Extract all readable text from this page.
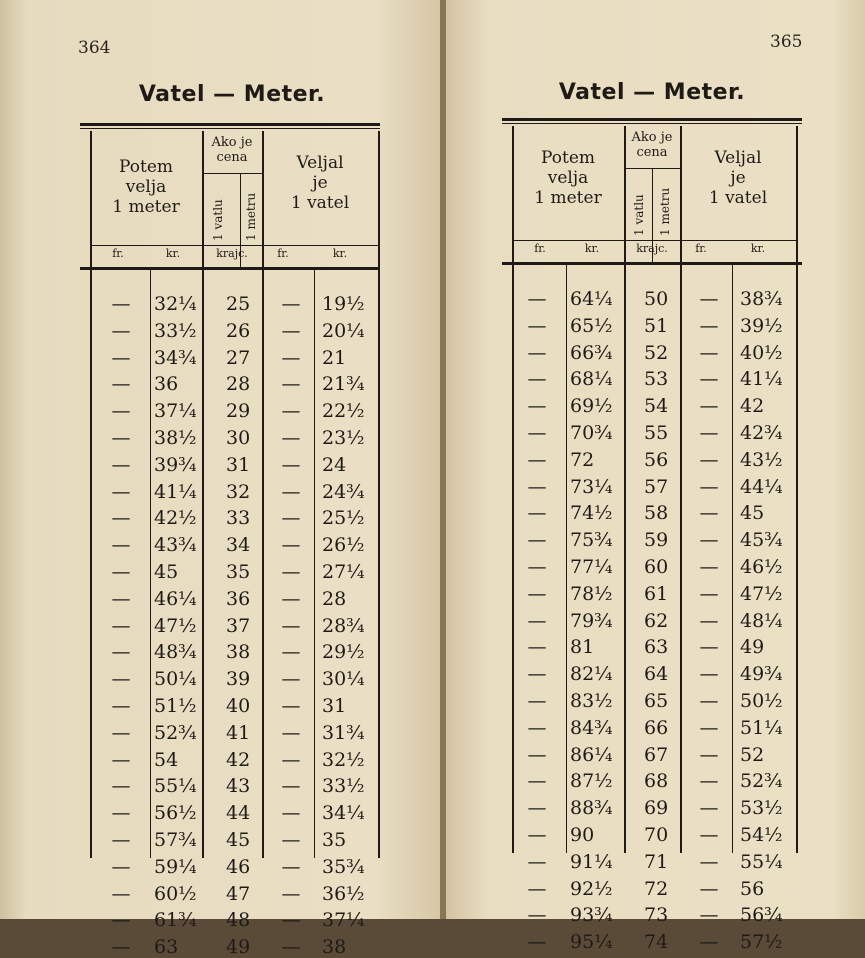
364
Vatel — Meter.
Potem
velja
1 meter
Ako je
cena
1 vatlu 1 metru
Veljal
je
1 vatel
fr.	kr.	krajc.	fr.	kr.
— 32¼ 25 — 19½
— 33½ 26 — 20¼
— 34¾ 27 — 21
— 36	28 — 21¾
— 37¼ 29 — 22½
— 38½ 30 — 23½
— 39¾ 31 — 24
— 41¼ 32 — 24¾
— 42½ 33 — 25½
— 43¾ 34 — 26½
— 45	35 — 27¼
— 46¼ 36 — 28
— 47½ 37 — 28¾
— 48¾ 38 — 29½
— 50¼ 39 — 30¼
— 51½ 40 — 31
— 52¾ 41 — 31¾
— 54	42 — 32½
— 55¼ 43 — 33½
— 56½ 44 — 34¼
— 57¾ 45 — 35
— 59¼ 46 — 35¾
— 60½ 47 — 36½
— 61¾ 48 — 37¼
— 63	49 — 38
365
Vatel — Meter.
Potem
velja
1 meter
Ako je
cena
1 vatlu 1 metru
Veljal
je
1 vatel
fr.	kr.	krajc.	fr.	kr.
— 64¼ 50 — 38¾
— 65½ 51 — 39½
— 66¾ 52 — 40½
— 68¼ 53 — 41¼
— 69½ 54 — 42
— 70¾ 55 — 42¾
— 72	56 — 43½
— 73¼ 57 — 44¼
— 74½ 58 — 45
— 75¾ 59 — 45¾
— 77¼ 60 — 46½
— 78½ 61 — 47½
— 79¾ 62 — 48¼
— 81	63 — 49
— 82¼ 64 — 49¾
— 83½ 65 — 50½
— 84¾ 66 — 51¼
— 86¼ 67 — 52
— 87½ 68 — 52¾
— 88¾ 69 — 53½
— 90	70 — 54½
— 91¼ 71 — 55¼
— 92½ 72 — 56
— 93¾ 73 — 56¾
— 95¼ 74 — 57½
